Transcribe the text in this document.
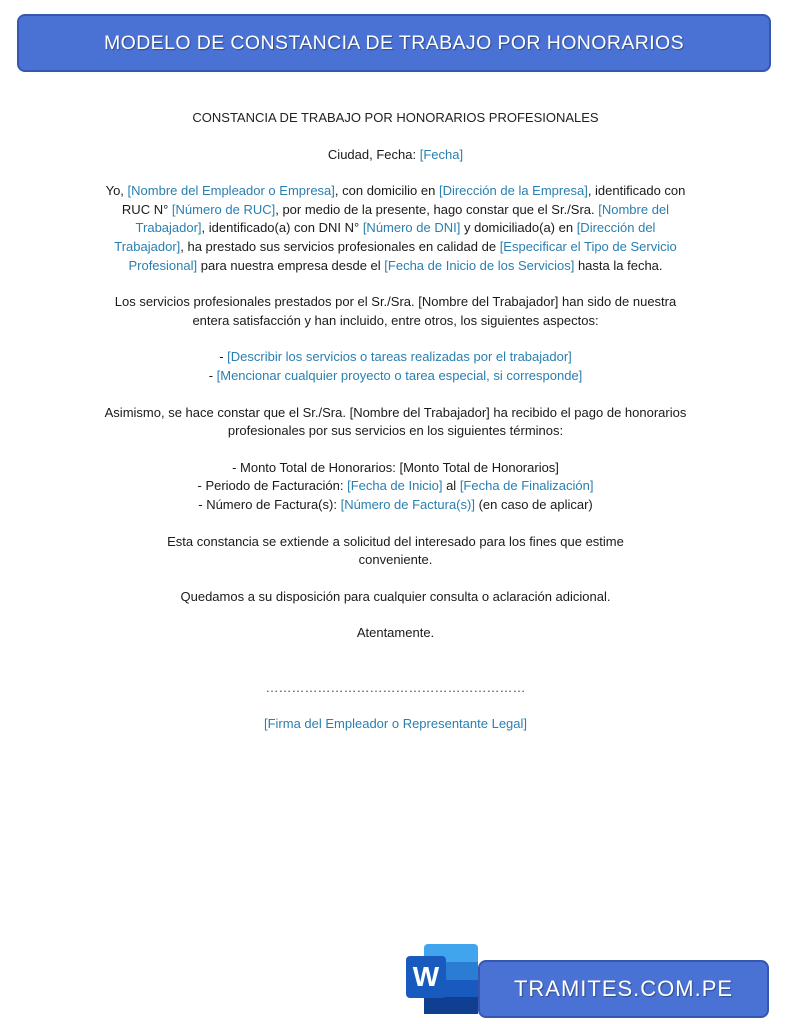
MODELO DE CONSTANCIA DE TRABAJO POR HONORARIOS

CONSTANCIA DE TRABAJO POR HONORARIOS PROFESIONALES

Ciudad, Fecha: [Fecha]

Yo, [Nombre del Empleador o Empresa], con domicilio en [Dirección de la Empresa], identificado con RUC N° [Número de RUC], por medio de la presente, hago constar que el Sr./Sra. [Nombre del Trabajador], identificado(a) con DNI N° [Número de DNI] y domiciliado(a) en [Dirección del Trabajador], ha prestado sus servicios profesionales en calidad de [Especificar el Tipo de Servicio Profesional] para nuestra empresa desde el [Fecha de Inicio de los Servicios] hasta la fecha.

Los servicios profesionales prestados por el Sr./Sra. [Nombre del Trabajador] han sido de nuestra entera satisfacción y han incluido, entre otros, los siguientes aspectos:

- [Describir los servicios o tareas realizadas por el trabajador]

- [Mencionar cualquier proyecto o tarea especial, si corresponde]

Asimismo, se hace constar que el Sr./Sra. [Nombre del Trabajador] ha recibido el pago de honorarios profesionales por sus servicios en los siguientes términos:

- Monto Total de Honorarios: [Monto Total de Honorarios]

- Periodo de Facturación: [Fecha de Inicio] al [Fecha de Finalización]

- Número de Factura(s): [Número de Factura(s)] (en caso de aplicar)

Esta constancia se extiende a solicitud del interesado para los fines que estime conveniente.

Quedamos a su disposición para cualquier consulta o aclaración adicional.

Atentamente.

……………………………………………………

[Firma del Empleador o Representante Legal]

W	TRAMITES.COM.PE
